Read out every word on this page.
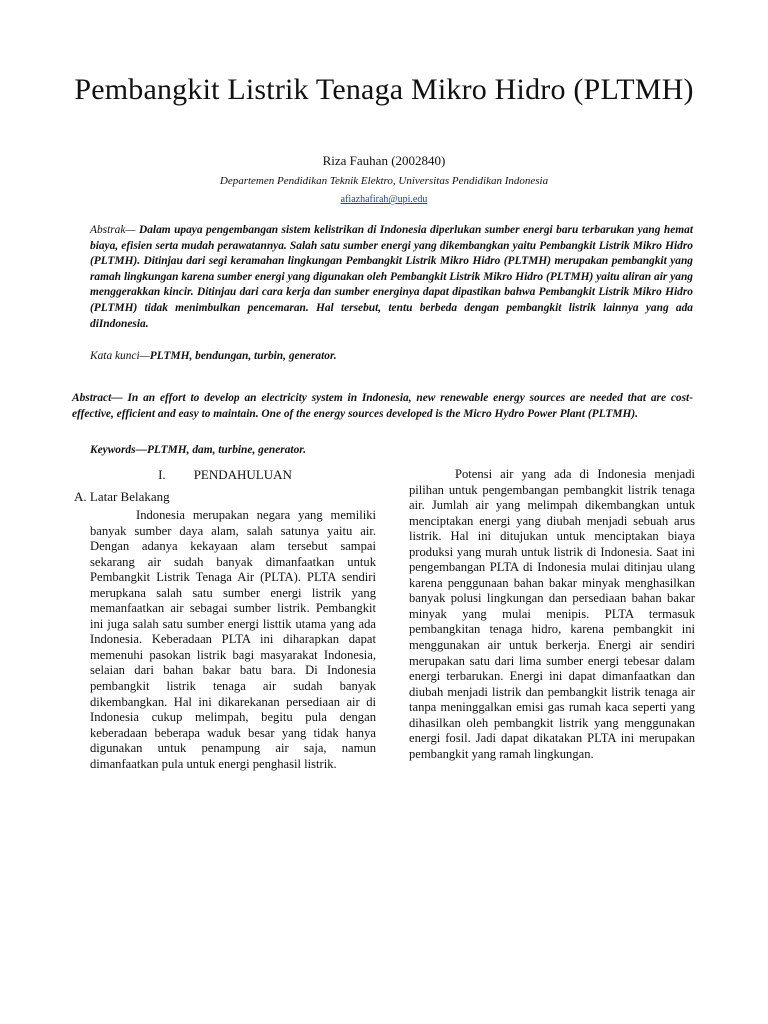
Pembangkit Listrik Tenaga Mikro Hidro (PLTMH)
Riza Fauhan (2002840)
Departemen Pendidikan Teknik Elektro, Universitas Pendidikan Indonesia
afiazhafirah@upi.edu

Abstrak— Dalam upaya pengembangan sistem kelistrikan di Indonesia diperlukan sumber energi baru terbarukan yang hemat biaya, efisien serta mudah perawatannya. Salah satu sumber energi yang dikembangkan yaitu Pembangkit Listrik Mikro Hidro (PLTMH). Ditinjau dari segi keramahan lingkungan Pembangkit Listrik Mikro Hidro (PLTMH) merupakan pembangkit yang ramah lingkungan karena sumber energi yang digunakan oleh Pembangkit Listrik Mikro Hidro (PLTMH) yaitu aliran air yang menggerakkan kincir. Ditinjau dari cara kerja dan sumber energinya dapat dipastikan bahwa Pembangkit Listrik Mikro Hidro (PLTMH) tidak menimbulkan pencemaran. Hal tersebut, tentu berbeda dengan pembangkit listrik lainnya yang ada diIndonesia.

Kata kunci—PLTMH, bendungan, turbin, generator.

Abstract— In an effort to develop an electricity system in Indonesia, new renewable energy sources are needed that are cost-effective, efficient and easy to maintain. One of the energy sources developed is the Micro Hydro Power Plant (PLTMH).

Keywords—PLTMH, dam, turbine, generator.

I. PENDAHULUAN
A. Latar Belakang

Indonesia merupakan negara yang memiliki banyak sumber daya alam, salah satunya yaitu air. Dengan adanya kekayaan alam tersebut sampai sekarang air sudah banyak dimanfaatkan untuk Pembangkit Listrik Tenaga Air (PLTA). PLTA sendiri merupkana salah satu sumber energi listrik yang memanfaatkan air sebagai sumber listrik. Pembangkit ini juga salah satu sumber energi listtik utama yang ada Indonesia. Keberadaan PLTA ini diharapkan dapat memenuhi pasokan listrik bagi masyarakat Indonesia, selaian dari bahan bakar batu bara. Di Indonesia pembangkit listrik tenaga air sudah banyak dikembangkan. Hal ini dikarekanan persediaan air di Indonesia cukup melimpah, begitu pula dengan keberadaan beberapa waduk besar yang tidak hanya digunakan untuk penampung air saja, namun dimanfaatkan pula untuk energi penghasil listrik.

Potensi air yang ada di Indonesia menjadi pilihan untuk pengembangan pembangkit listrik tenaga air. Jumlah air yang melimpah dikembangkan untuk menciptakan energi yang diubah menjadi sebuah arus listrik. Hal ini ditujukan untuk menciptakan biaya produksi yang murah untuk listrik di Indonesia. Saat ini pengembangan PLTA di Indonesia mulai ditinjau ulang karena penggunaan bahan bakar minyak menghasilkan banyak polusi lingkungan dan persediaan bahan bakar minyak yang mulai menipis. PLTA termasuk pembangkitan tenaga hidro, karena pembangkit ini menggunakan air untuk berkerja. Energi air sendiri merupakan satu dari lima sumber energi tebesar dalam energi terbarukan. Energi ini dapat dimanfaatkan dan diubah menjadi listrik dan pembangkit listrik tenaga air tanpa meninggalkan emisi gas rumah kaca seperti yang dihasilkan oleh pembangkit listrik yang menggunakan energi fosil. Jadi dapat dikatakan PLTA ini merupakan pembangkit yang ramah lingkungan.
